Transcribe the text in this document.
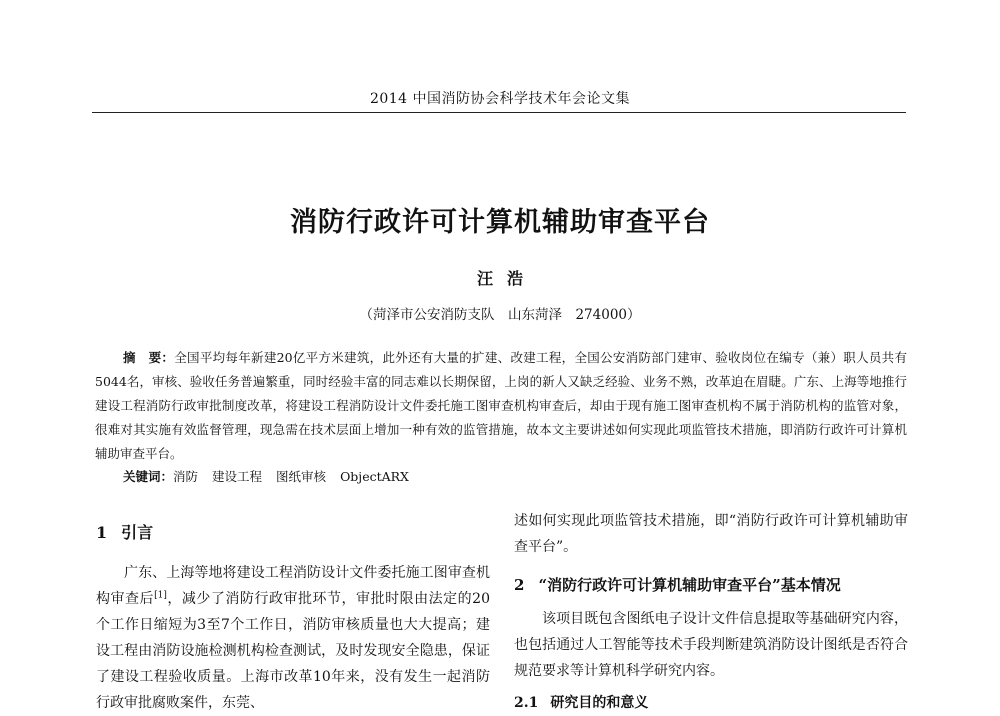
2014 中国消防协会科学技术年会论文集
消防行政许可计算机辅助审查平台
汪浩
（菏泽市公安消防支队　山东菏泽　274000）

摘　要：全国平均每年新建20亿平方米建筑，此外还有大量的扩建、改建工程，全国公安消防部门建审、验收岗位在编专（兼）职人员共有5044名，审核、验收任务普遍繁重，同时经验丰富的同志难以长期保留，上岗的新人又缺乏经验、业务不熟，改革迫在眉睫。广东、上海等地推行建设工程消防行政审批制度改革，将建设工程消防设计文件委托施工图审查机构审查后，却由于现有施工图审查机构不属于消防机构的监管对象，很难对其实施有效监督管理，现急需在技术层面上增加一种有效的监管措施，故本文主要讲述如何实现此项监管技术措施，即消防行政许可计算机辅助审查平台。

关键词：消防 建设工程 图纸审核 ObjectARX

1 引言

广东、上海等地将建设工程消防设计文件委托施工图审查机构审查后[1]，减少了消防行政审批环节，审批时限由法定的20个工作日缩短为3至7个工作日，消防审核质量也大大提高；建设工程由消防设施检测机构检查测试，及时发现安全隐患，保证了建设工程验收质量。上海市改革10年来，没有发生一起消防行政审批腐败案件，东莞、

述如何实现此项监管技术措施，即“消防行政许可计算机辅助审查平台”。

2 “消防行政许可计算机辅助审查平台”基本情况

该项目既包含图纸电子设计文件信息提取等基础研究内容，也包括通过人工智能等技术手段判断建筑消防设计图纸是否符合规范要求等计算机科学研究内容。

2.1 研究目的和意义
